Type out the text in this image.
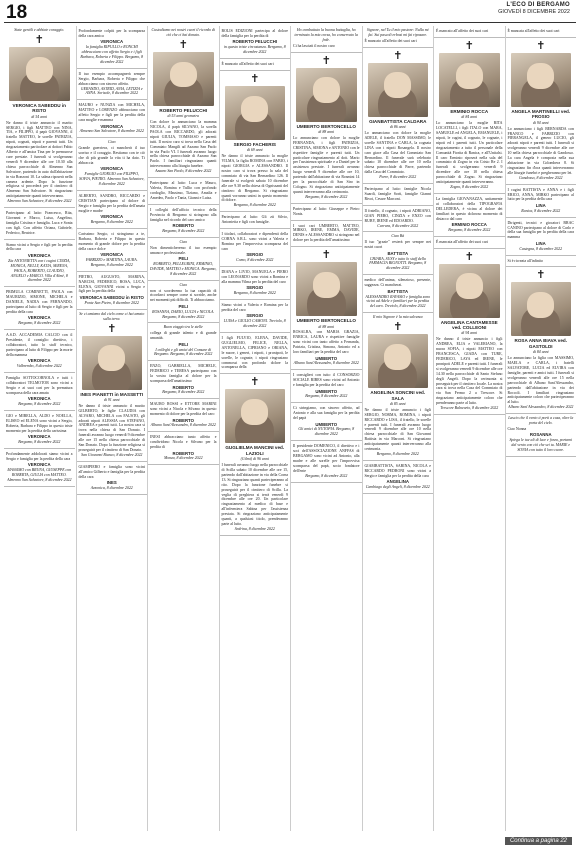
18	L'ECO DI BERGAMO
GIOVEDÌ 8 DICEMBRE 2022
Siate gentili e abbiate coraggio.
✝
VERONICA SABEDDU in RISTO
di 54 anni
Ne danno il triste annuncio il marito SERGIO, i figli MATTEO con NINA, TIA, e FILIPPO, il papà GIOVANNI, il fratello MATTEO, le sorelle PATRIZIA, nipoti, cognati, nipoti e parenti tutti. Un ringraziamento particolare ai dottori Fabio Alberto e all'amica Tina per le premurose cure prestate. I funerali si svolgeranno venerdì 9 dicembre alle ore 10.30 alla chiesa parrocchiale di Almenno San Salvatore, partendo in auto dall'abitazione in via Ronzoni 10. La salma riposerà nella camera ardente. Dopo la funzione religiosa si procederà per il cimitero di Almenno San Salvatore. Si ringraziano anticipatamente quanti interverranno.
Almenno San Salvatore, 8 dicembre 2022
Partecipano al lutto: Francesco, Rita, Giovanni e Marco, Luisa, Angelino, famiglia Cristina e famiglia. Luca e Sonia con figli. Con affetto Oriana, Gabriele, Federico, Beatrice.
Siamo vicini a Sergio e figli per la perdita della cara
VERONICA
Zia ANTONIETTA con i cugini CINZIA, MONICA, NELLY, KATIA, SERENA, PAOLA, ROBERTO, CLAUDIO, ANGELO e MARCO. Villa d'Almè, 8 dicembre 2022
PRIMULA COMINETTI, PAOLA con MAURIZIO, SIMONE, MICHELA e DANIELE, NADIA con FERNANDO, partecipano al lutto di Sergio e figli per la perdita della cara
VERONICA
Bergamo, 8 dicembre 2022
A.S.D. ACCADEMIA CALCIO con il Presidente, il consiglio direttivo, i collaboratori, tutto lo staff tecnico, partecipano al lutto di Filippo per la morte della mamma
VERONICA
Valbrembo, 8 dicembre 2022
Famiglia SOTTOCORNOLA e tutti i collaboratori TELMOTOR sono vicini a Sergio e ai suoi cari per la prematura scomparsa della cara amata
VERONICA
Bergamo, 8 dicembre 2022
GIO e MIRELLA, ALDO e NOELLA, ELISEO ed ELENA sono vicini a Sergio, Roberta, Barbara e Filippo in questo triste momento per la perdita della carissima
VERONICA
Bergamo, 8 dicembre 2022
Profondamente addolorati siamo vicini a Sergio e famiglia per la perdita della cara
VERONICA
MASSIMO con BRUNA, GIUSEPPE con ROBERTA, GIULIA con MATTEO. Almenno San Salvatore, 8 dicembre 2022
Profondamente colpiti per la scomparsa della cara amica
VERONICA
la famiglia RIPULLO e RONCHI abbracciano con affetto Sergio e i figli Barbara, Roberta e Filippo. Bergamo, 8 dicembre 2022
Il tuo esempio accompagnerà sempre Sergio, Barbara, Roberta e Filippo che abbracciamo con sincero affetto.
GERANDO, ASTRID, ANIA, LETIZIA e ANNA. Sorisole, 8 dicembre 2022
MAURO e NUNZIA con MICHELA, MATTEO e LORENZO abbracciano con affetto Sergio e figli per la perdita della cara moglie e mamma
VERONICA
Almenno San Salvatore, 8 dicembre 2022
Ciao
Grande guerriera, ci mancherà il tuo sorriso e il coraggio. Restiamo con te ciò che di più grande la vita ti ha dato. Ti abbraccia
VERONICA
Famiglie GIORGIO con FILIPPO, SOFIA, PIETRO. Almenno San Salvatore, 8 dicembre 2022
ALBERTO, SANDRO, RICCARDO e CRISTIAN partecipano al dolore di Sergio e famiglia per la perdita dell'amata moglie e madre
VERONICA
Bergamo, 8 dicembre 2022
Carissimo Sergio, ci stringiamo a te, Barbara, Roberta e Filippo in questo momento di grande dolore per la perdita della cara e dolce
VERONICA
FABRIZIO e MARTINA, LAURA. Bergamo, 8 dicembre 2022
PIETRO, AUGUSTO, MARINA, NARCISI, FEDERICO, ROSA, LUCA, ELENA, GIOVANNI vicini a Sergio e figli per la perdita della
VERONICA SABEDDU in RISTO
Ponte San Pietro, 8 dicembre 2022
Se ci amiamo dal cielo come ci hai amato sulla terra.
✝
INES PIANETTI in MASSETTI
di 91 anni
Ne danno il triste annuncio il marito GILBERTO, le figlie CLAUDIA con ALVARO, MICHELA con FAUSTO, gli adorati nipoti ALESSIA con STEFANO, ANDREA e parenti tutti. La nostra cara si trova nella chiesa di San Donato. I funerali avranno luogo venerdì 9 dicembre alle ore 15 nella chiesa parrocchiale di San Donato. Dopo la funzione religiosa si proseguirà per il cimitero di San Donato.
San Giovanni Bianco, 8 dicembre 2022
GIAMPIERO e famiglia sono vicini all'amico Gilberto e famiglia per la perdita della cara
INES
Azzonica, 8 dicembre 2022
Custodiamo nei nostri cuori il ricordo di ciò che ci hai donato.
✝
ROBERTO PELUCCHI
di 53 anni geometra
Con dolore lo annunciano la mamma NICOLA, il papà SILVANO, la sorella PAOLA con RICCARDO, gli adorati nipoti GIULIA, TOMMASO e parenti tutti. Il nostro caro si trova nella Casa del Commiato Mangili ad Azzano San Paolo in via Paolo VI. I funerali avranno luogo nella chiesa parrocchiale di Azzano San Paolo. I familiari ringraziano quanti interverranno alla liturgia funebre.
Azzano San Paolo, 8 dicembre 2022
Partecipano al lutto: Luca e Mauro, Valeria, Romina e Tullio con profondo cordoglio, Massimo, Tiziano, Amalia e Amedeo, Paolo e Tania, Gianni e Luisa.
I colleghi dell'ufficio tecnico della Provincia di Bergamo si stringono alla famiglia nel ricordo del caro amico
ROBERTO
Bergamo, 8 dicembre 2022
Ciao
Non dimenticheremo il tuo esempio umano e professionale.
PELI
ROBERTO, PELLEGRINI, ERMINIO, DAVIDE, MATTEO e MONICA. Bergamo, 8 dicembre 2022
Ciao
non ci scorderemo la tua capacità di ricordarci sempre come si sorride, anche nei momenti più difficili. Ti abbracciamo.
PELI
ROSANNA, DARIO, LUCIA e NICOLA. Bergamo, 8 dicembre 2022
Buon viaggio tra le stelle
collega di grande talento e di grande umanità.
PELI
I colleghi e gli amici del Comune di Bergamo. Bergamo, 8 dicembre 2022
ENZO, GABRIELLA, MICHELE, FEDERICO e TERESA partecipano con la vostra famiglia al dolore per la scomparsa dell'amatissimo
ROBERTO
Bergamo, 8 dicembre 2022
MAURO ROSSI e ETTORE MARINI sono vicini a Nicola e Silvano in questo momento di dolore per la perdita del caro
ROBERTO
Albano Sant'Alessandro, 8 dicembre 2022
INESI abbracciano tanto affetto e condividono Nicola e Silvano per la perdita di
ROBERTO
Monza, 8 dicembre 2022
BOLIS EDIZIONI partecipa al dolore della famiglia per la perdita di
ROBERTO PELUCCHI
in questo triste circostanza. Bergamo, 8 dicembre 2022
È mancato all'affetto dei suoi cari
✝
SERGIO FACHERIS
di 69 anni
Ne danno il triste annuncio la moglie VILMA, la figlia ROMINA con FABIO, i nipoti GIORGIA e ALESSANDRO. Il nostro caro si trova presso la sala del commiato di via San Bernardino 126. Il funerale si svolgerà sabato 10 dicembre alle ore 9.30 nella chiesa di Ognissanti del cimitero di Bergamo. Si ringraziano quanti vorranno unirsi in questo momento di dolore.
Bergamo, 8 dicembre 2022
Partecipano al lutto: Gli zii Silvio, Antonietta e figli con famiglie.
I titolari, collaboratori e dipendenti della CORNA S.R.L. sono vicini a Valeria e Romina per l'improvvisa scomparsa del caro
SERGIO
Como, 8 dicembre 2022
DIANA e LIVIO, MANUELA e PIERO con LEONARDO sono vicini a Romina e alla mamma Vilma per la perdita del caro
SERGIO
Bergamo, 8 dicembre 2022
Siamo vicini a Valeria e Romina per la perdita del caro
SERGIO
LUISA e GIULIO CAMONI. Treviolo, 8 dicembre 2022
I figli FULVIO, ELENA, DAVIDE, GUGLIELMO, FELICE, NELLA, ANTONELLA, CIPRIANO e ORIANA, le nuore, i generi, i nipoti, i pronipoti, le sorelle, le cognate, i nipoti ringraziano commossi con profondo dolore la scomparsa della
✝
GUGLIELMA MANCINI ved. LAZIOLI
(Gilmi) di 96 anni
I funerali avranno luogo nella parrocchiale di Scilla sabato 10 dicembre alle ore 15, partendo dall'abitazione in via della Corna 13. Si ringraziano quanti parteciperanno al rito. Dopo la funzione funebre si proseguirà per il cimitero di Scilla. La veglia di preghiera si terrà venerdì 9 dicembre alle ore 20. Un particolare ringraziamento al medico di base e all'infermiera Sabina per l'assistenza prestata. Si ringraziano anticipatamente quanti, a qualsiasi titolo, prenderanno parte al lutto.
Sedrina, 8 dicembre 2022
Ho combattuto la buona battaglia, ho terminato la mia corsa, ho conservato la fede.
Ci ha lasciati il nostro caro
✝
UMBERTO BERTONCELLO
di 88 anni
Lo annunciano con dolore la moglie FERNANDA, i figli PATRIZIA, CRISTINA, SIMONA e ANTONIO con le rispettive famiglie e parenti tutti. Un particolare ringraziamento al dott. Mario per l'assistenza spirituale e a Daniel per le assistenza prestate. I funerali avranno luogo venerdì 9 dicembre alle ore 10, partendo dall'abitazione di via Rosmini 14 per la parrocchiale di San Siro in Cologno. Si ringraziano anticipatamente quanti interverranno alla cerimonia.
Bergamo, 8 dicembre 2022
Partecipano al lutto: Giuseppe e Pietro Nonis.
I suoi cari UMBERTO, MATTEO, MIRKO, IRENE, EMMA, DAVIDE, DENIS e ALESSANDRO si stringono nel dolore per la perdita dell'amatissimo
✝
UMBERTO BERTONCELLO
di 88 anni
ROSALBA, con MARIA GRAZIA, ENRICA, LAURA e rispettive famiglie sono vicini con tanto affetto a Fernanda, Patrizia, Cristina, Simona, Antonio ed a loro familiari per la perdita del caro
UMBERTO
Albano Sant'Alessandro, 8 dicembre 2022
I consiglieri con tutto il CONSORZIO SOCIALE RIBES sono vicini ad Antonio e famiglia per la perdita del caro
UMBERTO
Bergamo, 8 dicembre 2022
Ci stringiamo, con sincero affetto, ad Antonio e alla sua famiglia per la perdita del papà
UMBERTO
Gli amici di NUTOPIA. Bergamo, 8 dicembre 2022
Il presidente DOMENICO, il direttivo e i soci dell'ASSOCIAZIONE ANFFAS di BERGAMO sono vicini ad Antonio, alla madre e alle sorelle per l'improvvisa scomparsa del papà, socio fondatore dell'ente
Bergamo, 8 dicembre 2022
Signore, nel Tu il mio pastore: Nulla mi fai. Sui pascoli erbosi mi fai riposare.
È mancato all'affetto dei suoi cari
✝
GIANBATTISTA CALDARA
di 86 anni
Lo annunciano con dolore la moglie ADELE, il fratello DON MASSIMO, le sorelle SANTINA e CARLA, la cognata LINA con i nipoti Rosangela. Il nostro caro giace alla Casa del Commiato San Bernardino. Il funerale sarà celebrato sabato 10 dicembre alle ore 10 nella chiesa parrocchiale di Parre, partendo dalla Casa del Commiato.
Parre, 8 dicembre 2022
Partecipano al lutto: famiglie Nicola Suardi, famiglie Sorti, famiglie Gianni Rivoi, Cesare Marconi.
Il fratello, il cognato, i nipoti ADRIANO, GIAN PIERO, CINZIA e ENZO con RUBY, IRENE ed EDOARDO.
Carrara, 8 dicembre 2022
Ciao Bà
Il tuo "grazie" resterà per sempre nei nostri cuori
BATTISTA
CHIARA, SUSY e tutto lo staff della FARMACIA BIGNOTTI. Bergamo, 8 dicembre 2022
medico dell'anima, silenzioso, presente, saggezza. Ci mancherai.
BATTISTA
ALESSANDRO RAVASIO e famiglia sono vicini ad Adele e familiari per la perdita del caro. Treviolo, 8 dicembre 2022
Il mio Signore è la mia salvezza
✝
ANGELINA SONCINI ved. SALA
di 85 anni
Ne danno il triste annuncio i figli SERGIO, NORMA, ROMINA, i nipoti RICCARDO e LISA, il fratello, le sorelle e parenti tutti. I funerali avranno luogo venerdì 9 dicembre alle ore 10 nella chiesa parrocchiale di San Giovanni Battista in via Marconi. Si ringraziano anticipatamente quanti interverranno alla cerimonia.
Bergamo, 8 dicembre 2022
GIAMBATTISTA, SABINA, NICOLA e RICCARDO PEDRONI sono vicini a Sergio e famiglia per la perdita della cara
ANGELINA
Cambiago degli Angeli, 8 dicembre 2022
È mancato all'affetto dei suoi cari
✝
ERMINIO ROCCA
di 84 anni
Lo annunciano la moglie RITA LOCATELLI, i figli ITALO con MARA, SAMUELE ed ANGELA, EMANUELE, i nipoti, le cugini, il cognato, le cognate, i nipoti ed i parenti tutti. Un particolare ringraziamento a tutto il personale della Comunità Fiorita di Ranica, e all'Unitalsi. Il caro Erminio riposerà nella sala del commiato di Zogno in via Cristo Re 2. I funerali si svolgeranno venerdì 9 dicembre alle ore 10 nella chiesa parrocchiale di Zogno. Si ringraziano anticipatamente quanti interverranno.
Zogno, 8 dicembre 2022
La famiglia GIOVANAZZA, unitamente ai collaboratori della TIPOGRAFIA DELLEDERA, è vicina al dolore dei familiari in questo doloroso momento di distacco dal caro
ERMINIO ROCCA
Bergamo, 8 dicembre 2022
È mancata all'affetto dei suoi cari
✝
ANGELINA CANTAMESSE ved. COLLEONI
di 94 anni
Ne danno il triste annuncio i figli ANDREA, ELIA e VALERIANO, la nuora SOFIA, i nipoti MATTEO con FRANCESCA, GIADA con TURE, FEDERICO, LAYA ed IRENE, le pronipoti ADELE e parenti tutti. I funerali si svolgeranno venerdì 9 dicembre alle ore 14.30 nella parrocchiale di Santo Stefano degli Angeli. Dopo la cerimonia si proseguirà per il cimitero locale. La nostra cara si trova nella Casa del Commiato di via San Fermo 2 a Trescore. Si ringraziano anticipatamente coloro che prenderanno parte al lutto.
Trescore Balneario, 8 dicembre 2022
È mancata all'affetto dei suoi cari
✝
ANGELA MARTINELLI ved. FROSIO
di 94 anni
Lo annunciano i figli BERNARDA con FRANCO e FABRIZIO con PIERANGELA, il genero LUCIO, gli adorati nipoti e parenti tutti. I funerali si svolgeranno venerdì 9 dicembre alle ore 10 nella chiesa parrocchiale di Gandosso. La cara Angela è composta nella sua abitazione in via Colombera 8. Si ringraziano fin d'ora quanti interverranno alle liturgie funebri e pregheranno per lei.
Gandosso, 8 dicembre 2022
I cugini BATTISTA e ANNA e i figli ERICO, ANNA, MIRKO partecipano al lutto per la perdita della cara
LINA
Ranica, 8 dicembre 2022
Dirigenti, tecnici e giocatori BRAC CANINO partecipano al dolore di Carlo e della sua famiglia per la perdita della cara mamma
LINA
Castegna, 8 dicembre 2022
Si è ricreata all'infinito
✝
ROSA ANNA BIAVA ved. GASTOLDI
di 84 anni
Lo annunciano la figlia con MASSIMO, MAELA e CARLA, i fratelli SALVATORE, LUCIA ed ELVIRA con famiglie, parenti e amici tutti. I funerali si svolgeranno venerdì alle ore 15 nella parrocchiale di Albano Sant'Alessandro, partendo dall'abitazione in via dei Roccoli. I familiari ringraziano anticipatamente coloro che parteciperanno al lutto.
Albano Sant'Alessandro, 8 dicembre 2022
Lascio che il vento ti porti a casa, oltre la porta del cielo.
Ciao Nonna
ROSANNA
Spiega le tue ali di luce e forza, portami dal vento con ciò che sei tu. MARIE e SONIA con tutto il loro cuore.
Continua a pagina 22
